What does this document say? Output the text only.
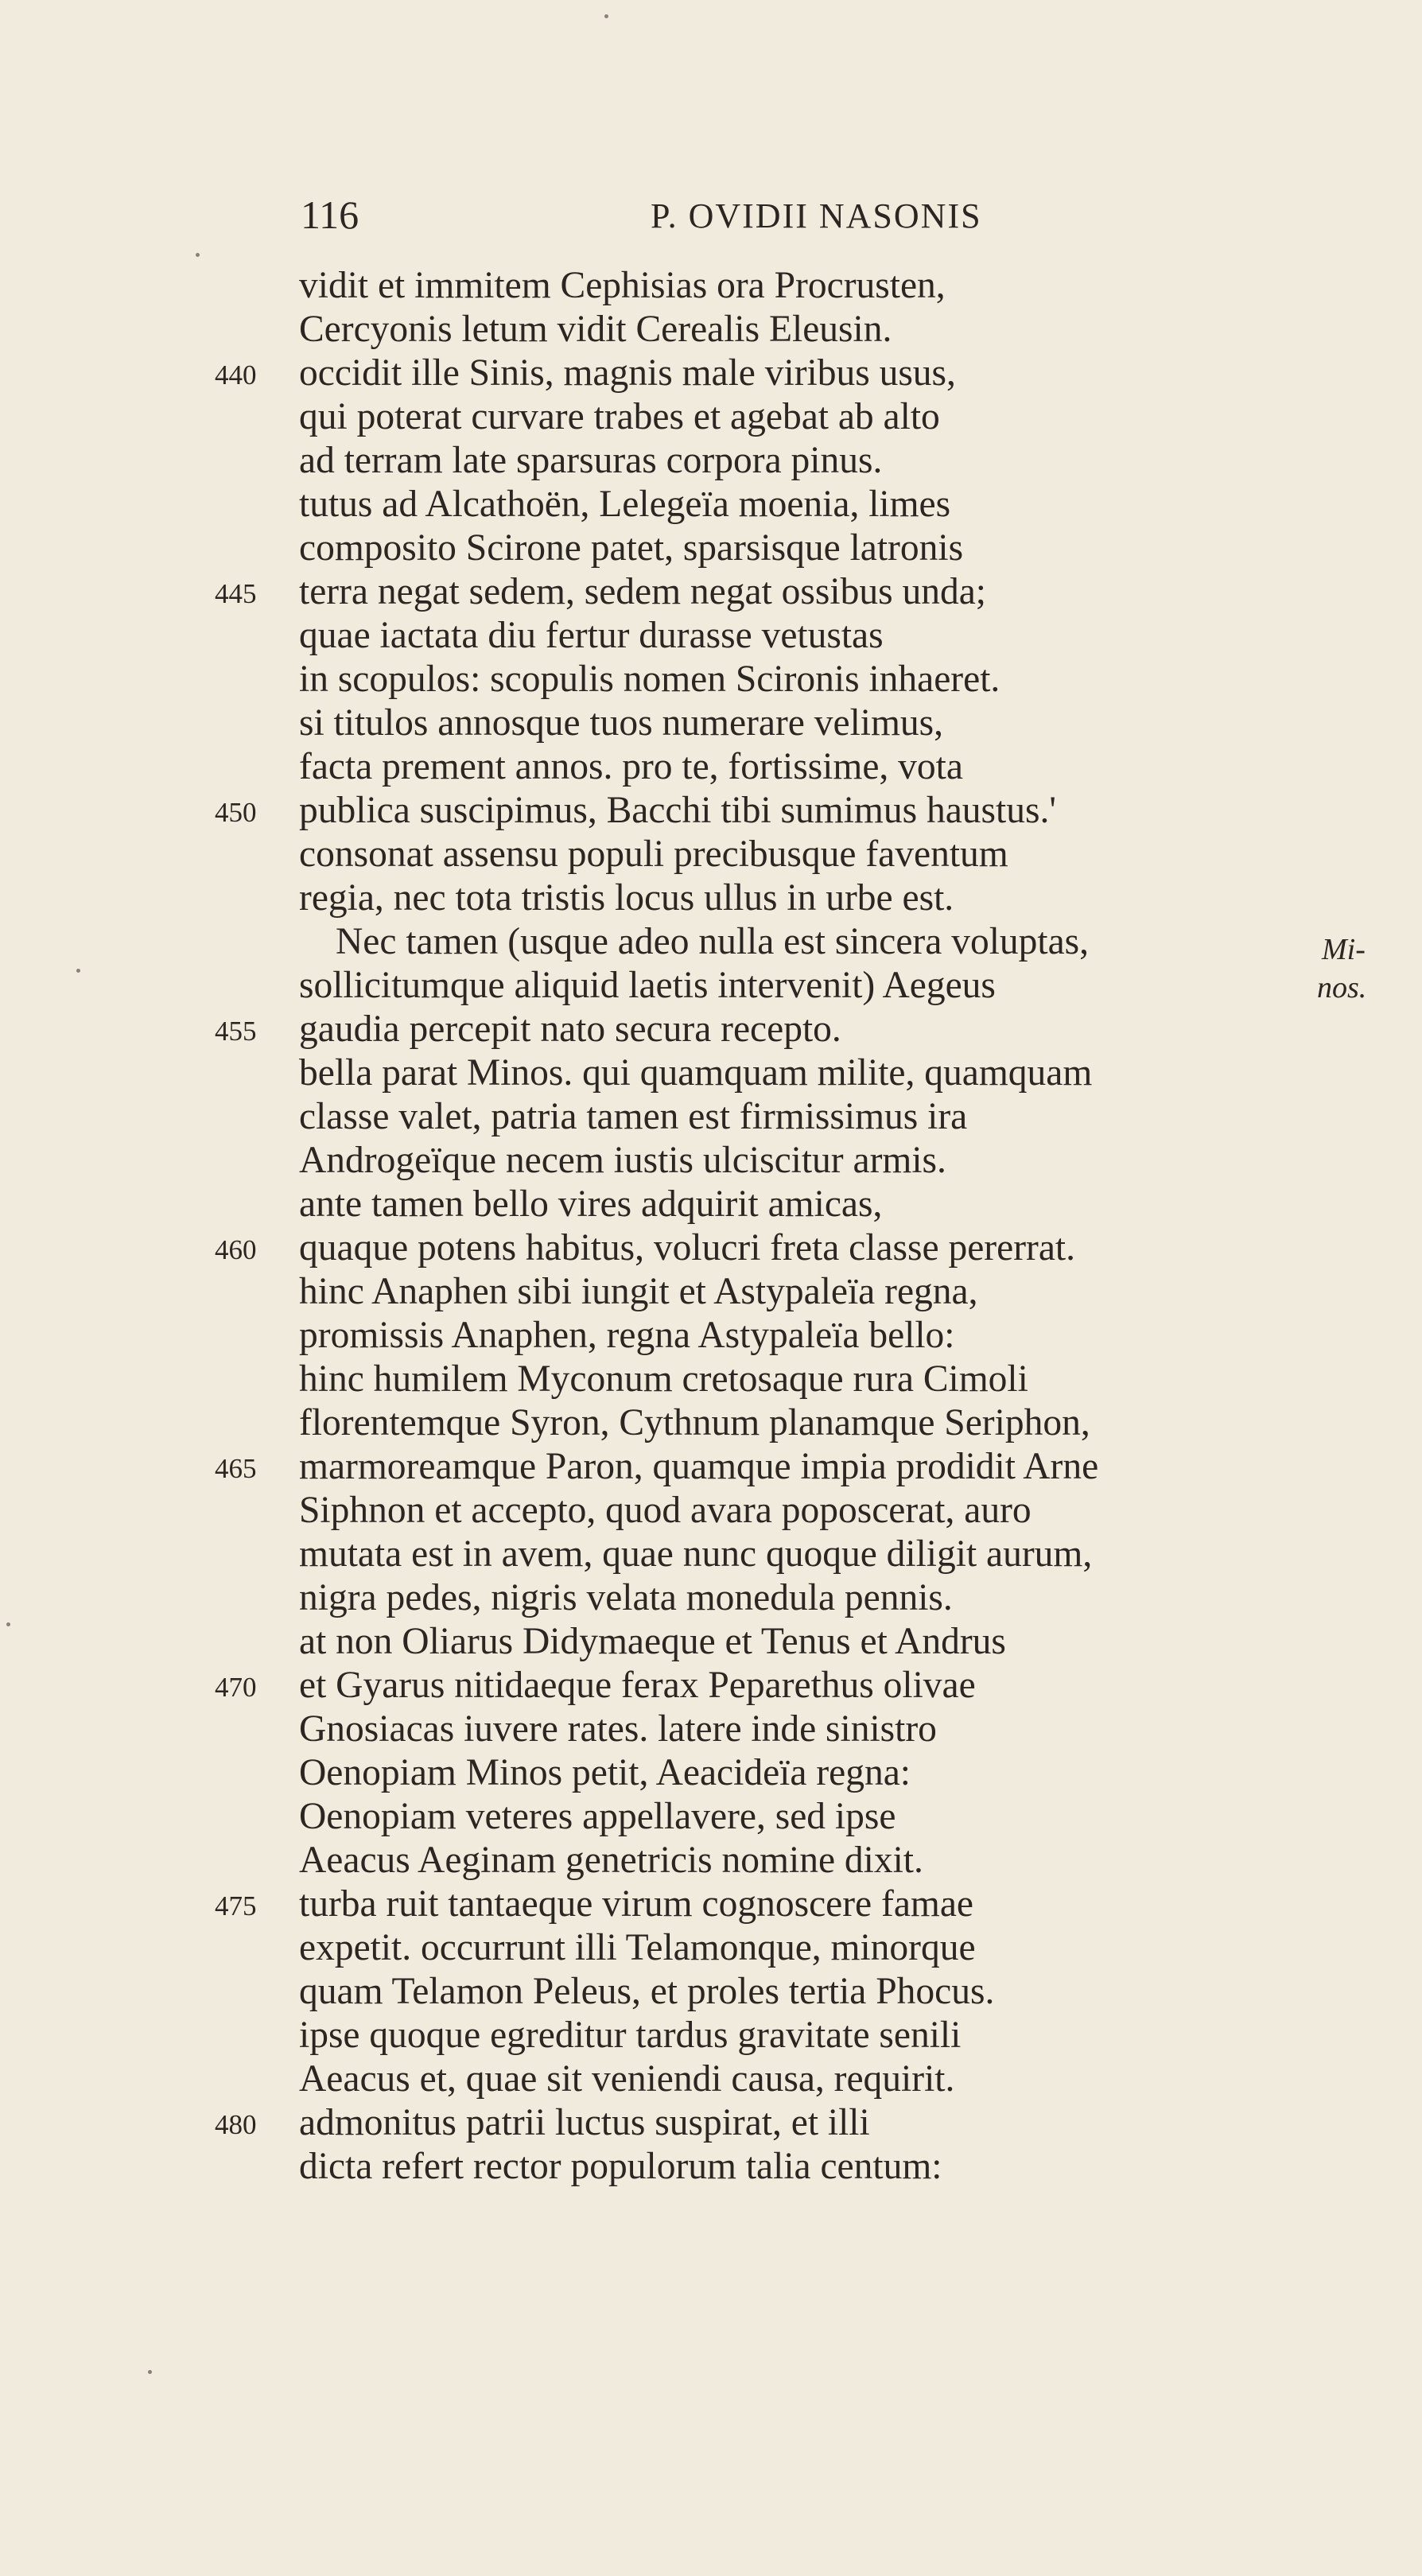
116	P. OVIDII NASONIS
vidit et immitem Cephisias ora Procrusten,
Cercyonis letum vidit Cerealis Eleusin.
440	occidit ille Sinis, magnis male viribus usus,
qui poterat curvare trabes et agebat ab alto
ad terram late sparsuras corpora pinus.
tutus ad Alcathoën, Lelegeïa moenia, limes
composito Scirone patet, sparsisque latronis
445	terra negat sedem, sedem negat ossibus unda;
quae iactata diu fertur durasse vetustas
in scopulos: scopulis nomen Scironis inhaeret.
si titulos annosque tuos numerare velimus,
facta prement annos. pro te, fortissime, vota
450	publica suscipimus, Bacchi tibi sumimus haustus.'
consonat assensu populi precibusque faventum
regia, nec tota tristis locus ullus in urbe est.
Nec tamen (usque adeo nulla est sincera voluptas,
sollicitumque aliquid laetis intervenit) Aegeus
455	gaudia percepit nato secura recepto.
bella parat Minos. qui quamquam milite, quamquam
classe valet, patria tamen est firmissimus ira
Androgeïque necem iustis ulciscitur armis.
ante tamen bello vires adquirit amicas,
460	quaque potens habitus, volucri freta classe pererrat.
hinc Anaphen sibi iungit et Astypaleïa regna,
promissis Anaphen, regna Astypaleïa bello:
hinc humilem Myconum cretosaque rura Cimoli
florentemque Syron, Cythnum planamque Seriphon,
465	marmoreamque Paron, quamque impia prodidit Arne
Siphnon et accepto, quod avara poposcerat, auro
mutata est in avem, quae nunc quoque diligit aurum,
nigra pedes, nigris velata monedula pennis.
at non Oliarus Didymaeque et Tenus et Andrus
470	et Gyarus nitidaeque ferax Peparethus olivae
Gnosiacas iuvere rates. latere inde sinistro
Oenopiam Minos petit, Aeacideïa regna:
Oenopiam veteres appellavere, sed ipse
Aeacus Aeginam genetricis nomine dixit.
475	turba ruit tantaeque virum cognoscere famae
expetit. occurrunt illi Telamonque, minorque
quam Telamon Peleus, et proles tertia Phocus.
ipse quoque egreditur tardus gravitate senili
Aeacus et, quae sit veniendi causa, requirit.
480	admonitus patrii luctus suspirat, et illi
dicta refert rector populorum talia centum:
Mi-
nos.
